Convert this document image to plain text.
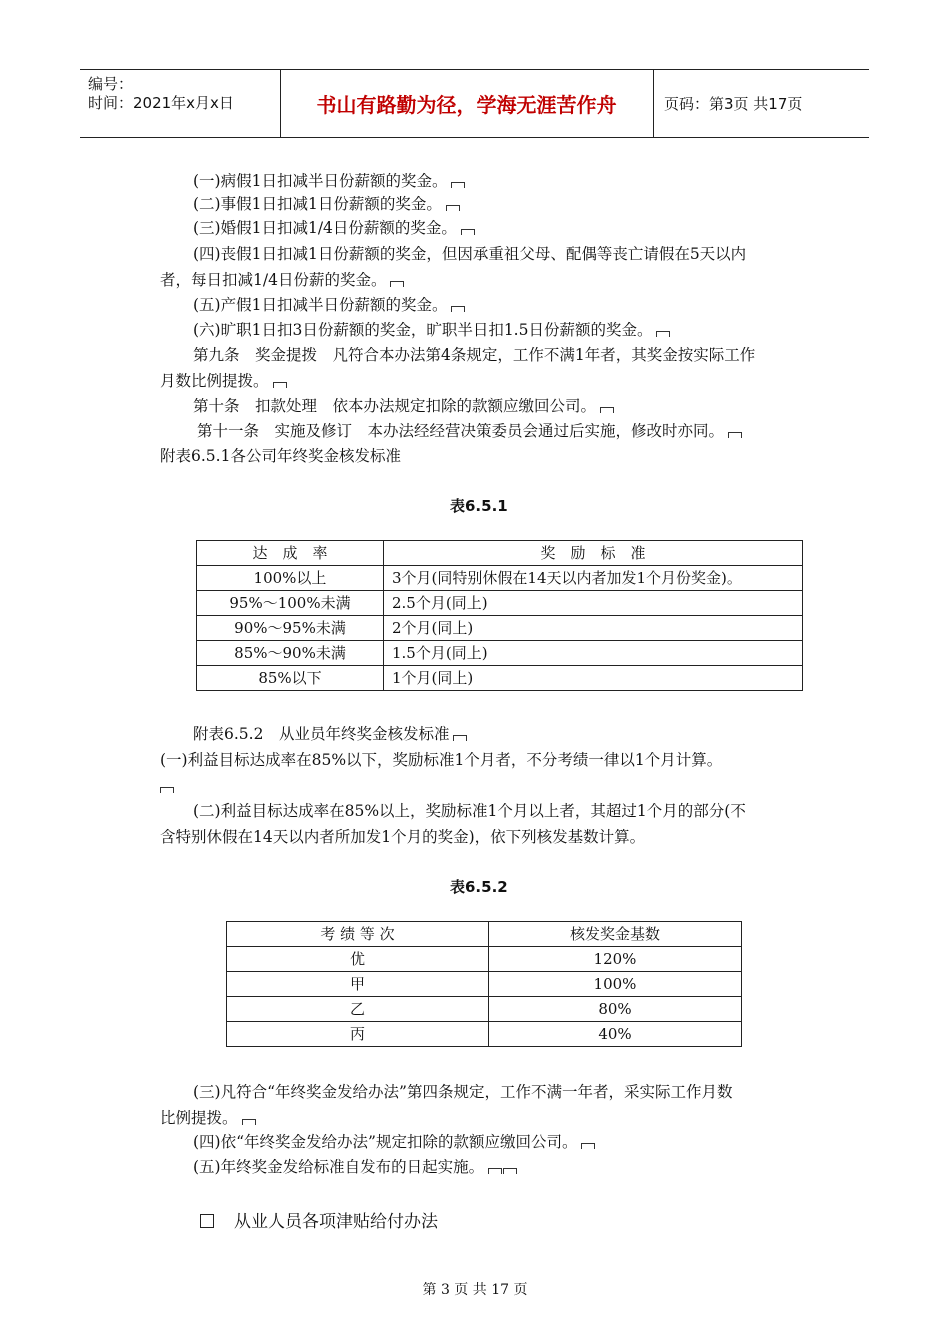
编号：
时间：2021年x月x日	书山有路勤为径，学海无涯苦作舟	页码：第3页 共17页
(一)病假1日扣减半日份薪额的奖金。
(二)事假1日扣减1日份薪额的奖金。
(三)婚假1日扣减1/4日份薪额的奖金。
(四)丧假1日扣减1日份薪额的奖金，但因承重祖父母、配偶等丧亡请假在5天以内
者，每日扣减1/4日份薪的奖金。
(五)产假1日扣减半日份薪额的奖金。
(六)旷职1日扣3日份薪额的奖金，旷职半日扣1.5日份薪额的奖金。
第九条　奖金提拨　凡符合本办法第4条规定，工作不满1年者，其奖金按实际工作
月数比例提拨。
第十条　扣款处理　依本办法规定扣除的款额应缴回公司。
第十一条　实施及修订　本办法经经营决策委员会通过后实施，修改时亦同。
附表6.5.1各公司年终奖金核发标准
表6.5.1
达　成　率	奖　励　标　准
100%以上	3个月(同特别休假在14天以内者加发1个月份奖金)。
95%～100%未满	2.5个月(同上)
90%～95%未满	2个月(同上)
85%～90%未满	1.5个月(同上)
85%以下	1个月(同上)
附表6.5.2　从业员年终奖金核发标准
(一)利益目标达成率在85%以下，奖励标准1个月者，不分考绩一律以1个月计算。
(二)利益目标达成率在85%以上，奖励标准1个月以上者，其超过1个月的部分(不
含特别休假在14天以内者所加发1个月的奖金)，依下列核发基数计算。
表6.5.2
考 绩 等 次	核发奖金基数
优	120%
甲	100%
乙	80%
丙	40%
(三)凡符合“年终奖金发给办法”第四条规定，工作不满一年者，采实际工作月数
比例提拨。
(四)依“年终奖金发给办法”规定扣除的款额应缴回公司。
(五)年终奖金发给标准自发布的日起实施。
从业人员各项津贴给付办法
第 3 页 共 17 页
